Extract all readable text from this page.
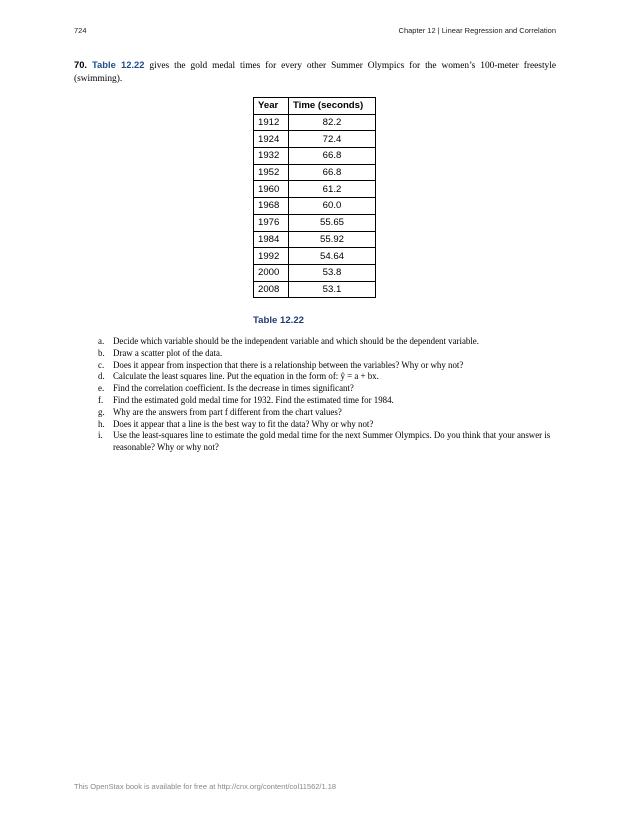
724	Chapter 12 | Linear Regression and Correlation

70. Table 12.22 gives the gold medal times for every other Summer Olympics for the women’s 100-meter freestyle (swimming).

Year	Time (seconds)
1912	82.2
1924	72.4
1932	66.8
1952	66.8
1960	61.2
1968	60.0
1976	55.65
1984	55.92
1992	54.64
2000	53.8
2008	53.1
Table 12.22
a. Decide which variable should be the independent variable and which should be the dependent variable.
b. Draw a scatter plot of the data.
c. Does it appear from inspection that there is a relationship between the variables? Why or why not?
d. Calculate the least squares line. Put the equation in the form of: ŷ = a + bx.
e. Find the correlation coefficient. Is the decrease in times significant?
f. Find the estimated gold medal time for 1932. Find the estimated time for 1984.
g. Why are the answers from part f different from the chart values?
h. Does it appear that a line is the best way to fit the data? Why or why not?
i. Use the least-squares line to estimate the gold medal time for the next Summer Olympics. Do you think that your answer is reasonable? Why or why not?
This OpenStax book is available for free at http://cnx.org/content/col11562/1.18
